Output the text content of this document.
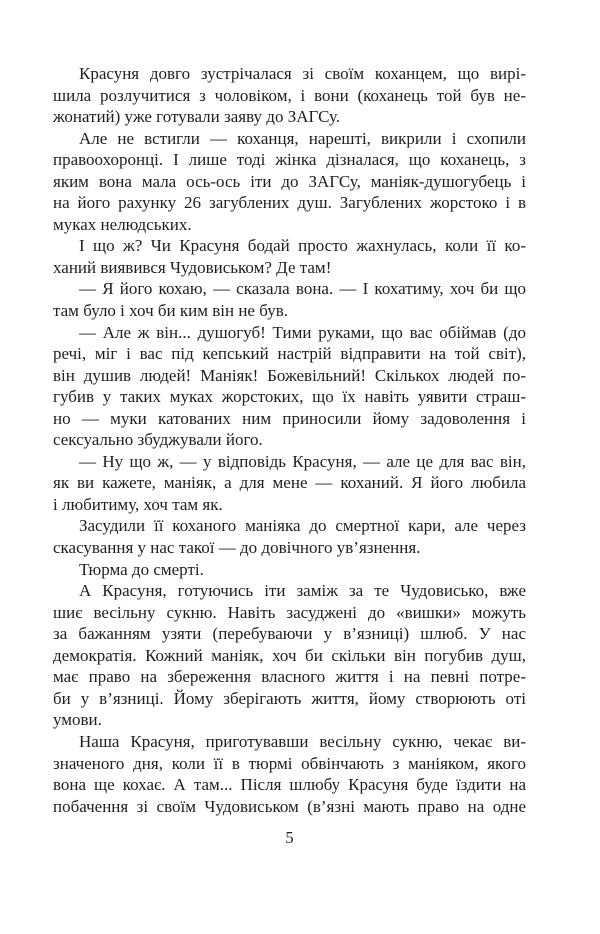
Красуня довго зустрічалася зі своїм коханцем, що вирі-
шила розлучитися з чоловіком, і вони (коханець той був не-
жонатий) уже готували заяву до ЗАГСу.
Але не встигли — коханця, нарешті, викрили і схопили
правоохоронці. І лише тоді жінка дізналася, що коханець, з
яким вона мала ось-ось іти до ЗАГСу, маніяк-душогубець і
на його рахунку 26 загублених душ. Загублених жорстоко і в
муках нелюдських.
І що ж? Чи Красуня бодай просто жахнулась, коли її ко-
ханий виявився Чудовиськом? Де там!
— Я його кохаю, — сказала вона. — І кохатиму, хоч би що
там було і хоч би ким він не був.
— Але ж він... душогуб! Тими руками, що вас обіймав (до
речі, міг і вас під кепський настрій відправити на той світ),
він душив людей! Маніяк! Божевільний! Скількох людей по-
губив у таких муках жорстоких, що їх навіть уявити страш-
но — муки катованих ним приносили йому задоволення і
сексуально збуджували його.
— Ну що ж, — у відповідь Красуня, — але це для вас він,
як ви кажете, маніяк, а для мене — коханий. Я його любила
і любитиму, хоч там як.
Засудили її коханого маніяка до смертної кари, але через
скасування у нас такої — до довічного ув’язнення.
Тюрма до смерті.
А Красуня, готуючись іти заміж за те Чудовисько, вже
шиє весільну сукню. Навіть засуджені до «вишки» можуть
за бажанням узяти (перебуваючи у в’язниці) шлюб. У нас
демократія. Кожний маніяк, хоч би скільки він погубив душ,
має право на збереження власного життя і на певні потре-
би у в’язниці. Йому зберігають життя, йому створюють оті
умови.
Наша Красуня, приготувавши весільну сукню, чекає ви-
значеного дня, коли її в тюрмі обвінчають з маніяком, якого
вона ще кохає. А там... Після шлюбу Красуня буде їздити на
побачення зі своїм Чудовиськом (в’язні мають право на одне
5
